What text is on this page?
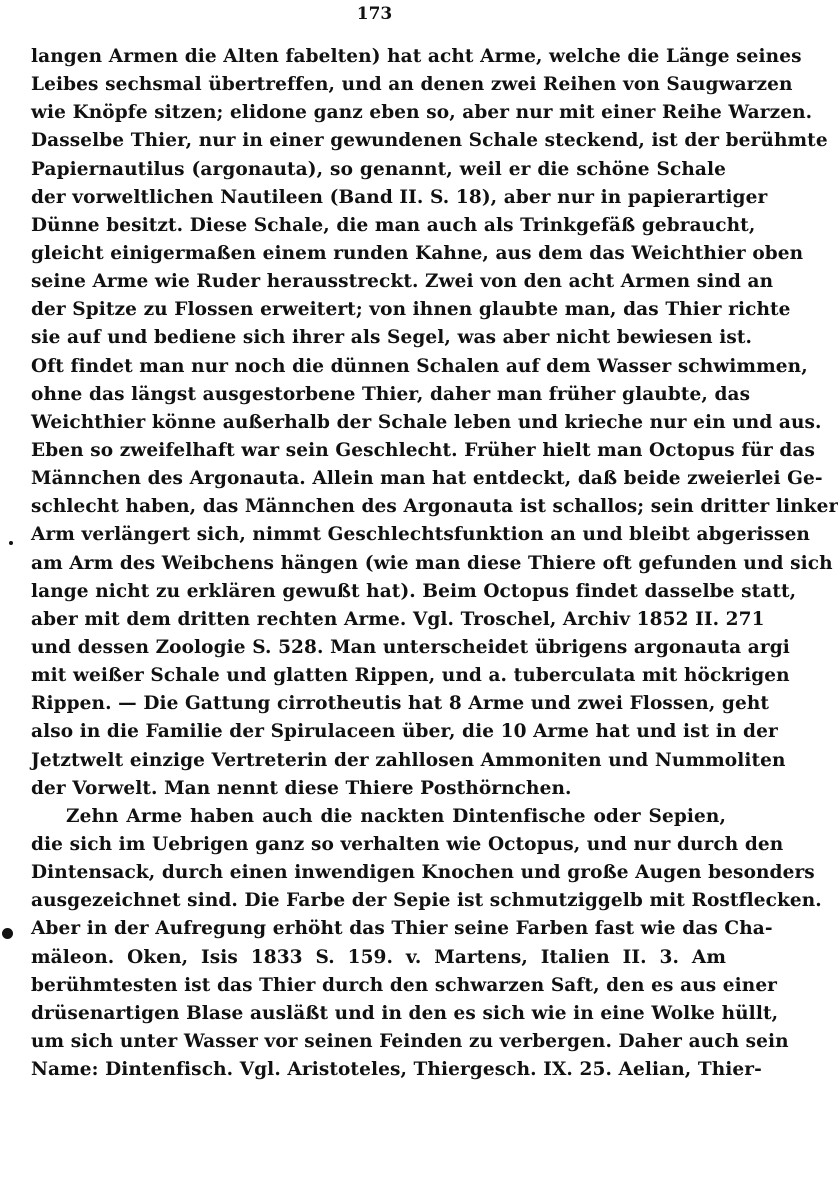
173
langen Armen die Alten fabelten) hat acht Arme, welche die Länge seines
Leibes sechsmal übertreffen, und an denen zwei Reihen von Saugwarzen
wie Knöpfe sitzen; elidone ganz eben so, aber nur mit einer Reihe Warzen.
Dasselbe Thier, nur in einer gewundenen Schale steckend, ist der berühmte
Papiernautilus (argonauta), so genannt, weil er die schöne Schale
der vorweltlichen Nautileen (Band II. S. 18), aber nur in papierartiger
Dünne besitzt. Diese Schale, die man auch als Trinkgefäß gebraucht,
gleicht einigermaßen einem runden Kahne, aus dem das Weichthier oben
seine Arme wie Ruder herausstreckt. Zwei von den acht Armen sind an
der Spitze zu Flossen erweitert; von ihnen glaubte man, das Thier richte
sie auf und bediene sich ihrer als Segel, was aber nicht bewiesen ist.
Oft findet man nur noch die dünnen Schalen auf dem Wasser schwimmen,
ohne das längst ausgestorbene Thier, daher man früher glaubte, das
Weichthier könne außerhalb der Schale leben und krieche nur ein und aus.
Eben so zweifelhaft war sein Geschlecht. Früher hielt man Octopus für das
Männchen des Argonauta. Allein man hat entdeckt, daß beide zweierlei Ge-
schlecht haben, das Männchen des Argonauta ist schallos; sein dritter linker
Arm verlängert sich, nimmt Geschlechtsfunktion an und bleibt abgerissen
am Arm des Weibchens hängen (wie man diese Thiere oft gefunden und sich
lange nicht zu erklären gewußt hat). Beim Octopus findet dasselbe statt,
aber mit dem dritten rechten Arme. Vgl. Troschel, Archiv 1852 II. 271
und dessen Zoologie S. 528. Man unterscheidet übrigens argonauta argi
mit weißer Schale und glatten Rippen, und a. tuberculata mit höckrigen
Rippen. — Die Gattung cirrotheutis hat 8 Arme und zwei Flossen, geht
also in die Familie der Spirulaceen über, die 10 Arme hat und ist in der
Jetztwelt einzige Vertreterin der zahllosen Ammoniten und Nummoliten
der Vorwelt. Man nennt diese Thiere Posthörnchen.
Zehn Arme haben auch die nackten Dintenfische oder Sepien,
die sich im Uebrigen ganz so verhalten wie Octopus, und nur durch den
Dintensack, durch einen inwendigen Knochen und große Augen besonders
ausgezeichnet sind. Die Farbe der Sepie ist schmutziggelb mit Rostflecken.
Aber in der Aufregung erhöht das Thier seine Farben fast wie das Cha-
mäleon. Oken, Isis 1833 S. 159. v. Martens, Italien II. 3. Am
berühmtesten ist das Thier durch den schwarzen Saft, den es aus einer
drüsenartigen Blase ausläßt und in den es sich wie in eine Wolke hüllt,
um sich unter Wasser vor seinen Feinden zu verbergen. Daher auch sein
Name: Dintenfisch. Vgl. Aristoteles, Thiergesch. IX. 25. Aelian, Thier-
